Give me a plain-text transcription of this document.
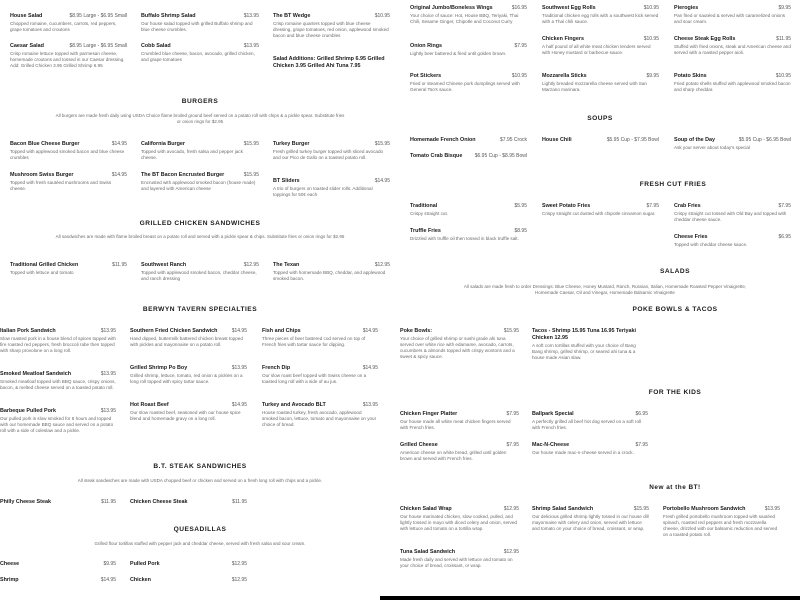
House Salad	$8.95 Large - $6.95 Small
Chopped romaine, cucumbers, carrots, red peppers, grape tomatoes and croutons
Buffalo Shrimp Salad	$13.95
Our house salad topped with grilled Buffalo shrimp and blue cheese crumbles.
The BT Wedge	$10.95
Crisp romaine quarters topped with blue cheese dressing, grape tomatoes, red onion, applewood smoked bacon and blue cheese crumbles
Caesar Salad	$8.95 Large - $6.95 Small
Crisp romaine lettuce topped with parmesan cheese, homemade croutons and tossed in our Caesar dressing. Add: Grilled Chicken 3.95 Grilled Shrimp 6.95
Cobb Salad	$13.95
Crumbled blue cheese, bacon, avocado, grilled chicken, and grape tomatoes	Salad Additions: Grilled Shrimp 6.95 Grilled Chicken 3.95 Grilled Ahi Tuna 7.95
BURGERS
All burgers are made fresh daily using USDA Choice flame broiled ground beef served on a potato roll with chips & a pickle spear. Substitute fries or onion rings for $2.95
Bacon Blue Cheese Burger	$14.95
Topped with applewood smoked bacon and blue cheese crumbles
California Burger	$15.95
Topped with avocado, fresh salsa and pepper jack cheese.
Turkey Burger	$15.95
Fresh grilled turkey burger topped with sliced avocado and our Pico de Gallo on a toasted potato roll.
Mushroom Swiss Burger	$14.95
Topped with fresh sautéed mushrooms and Swiss cheese.
The BT Bacon Encrusted Burger	$15.95
Encrusted with applewood smoked bacon (house made) and layered with American cheese
BT Sliders	$14.95
A trio of burgers on toasted slider rolls. Additional toppings for 50¢ each
GRILLED CHICKEN SANDWICHES
All sandwiches are made with flame broiled breast on a potato roll and served with a pickle spear & chips. Substitute fries or onion rings for $2.95
Traditional Grilled Chicken	$11.95
Topped with lettuce and tomato
Southwest Ranch	$12.95
Topped with applewood smoked bacon, cheddar cheese, and ranch dressing
The Texan	$12.95
Topped with homemade BBQ, cheddar, and applewood smoked bacon.
BERWYN TAVERN SPECIALTIES
Italian Pork Sandwich	$13.95
Slow roasted pork in a house blend of spices topped with fire roasted red peppers, fresh broccoli rabe then topped with sharp provolone on a long roll.
Southern Fried Chicken Sandwich	$14.95
Hand dipped, buttermilk battered chicken breast topped with pickles and mayonnaise on a potato roll.
Fish and Chips	$14.95
Three pieces of beer battered cod served on top of French fries with tartar sauce for dipping.
Smoked Meatloaf Sandwich	$13.95
Smoked meatloaf topped with BBQ sauce, crispy onions, bacon, & melted cheese served on a toasted potato roll.
Grilled Shrimp Po Boy	$13.95
Grilled shrimp, lettuce, tomato, red onion & pickles on a long roll topped with spicy tartar sauce.
French Dip	$14.95
Our slow roast beef topped with Swiss cheese on a toasted long roll with a side of au jus.
Barbeque Pulled Pork	$13.95
Our pulled pork is slow smoked for 8 hours and topped with our homemade BBQ sauce and served on a potato roll with a side of coleslaw and a pickle.
Hot Roast Beef	$14.95
Our slow roasted beef, seasoned with our house spice blend and homemade gravy on a long roll.
Turkey and Avocado BLT	$13.95
House roasted turkey, fresh avocado, applewood smoked bacon, lettuce, tomato and mayonnaise on your choice of bread.
B.T. STEAK SANDWICHES
All steak sandwiches are made with USDA chopped beef or chicken and served on a fresh long roll with chips and a pickle.
Philly Cheese Steak	$11.95	Chicken Cheese Steak	$11.95
QUESADILLAS
Grilled flour tortillas stuffed with pepper jack and cheddar cheese, served with fresh salsa and sour cream.
Cheese	$9.95	Pulled Pork	$12.95
Shrimp	$14.95	Chicken	$12.95
Original Jumbo/Boneless Wings	$16.95
Your choice of sauce: Hot, House BBQ, Teriyaki, Thai Chili, Sesame Ginger, Chipotle and Coconut Curry
Southwest Egg Rolls	$10.95
Traditional chicken egg rolls with a southwest kick served with a Thai chili sauce.
Pierogies	$9.95
Pan fried or sautéed & served with caramelized onions and sour cream.
Onion Rings	$7.95
Lightly beer battered & fried until golden brown.
Chicken Fingers	$10.95
A half pound of all white meat chicken tenders served with Honey mustard or barbecue sauce.
Cheese Steak Egg Rolls	$11.95
Stuffed with fried onions, steak and American cheese and served with a roasted pepper aioli.
Pot Stickers	$10.95
Fried or steamed Chinese pork dumplings served with General Tso's sauce.
Mozzarella Sticks	$9.95
Lightly breaded mozzarella cheese served with San Marzano marinara.
Potato Skins	$10.95
Fried potato shells stuffed with applewood smoked bacon and sharp cheddar.
SOUPS
Homemade French Onion	$7.95 Crock	House Chili	$5.95 Cup - $7.95 Bowl	Soup of the Day	$5.95 Cup - $6.95 Bowl
Ask your server about today's special
Tomato Crab Bisque	$6.95 Cup - $8.95 Bowl
FRESH CUT FRIES
Traditional	$5.95
Crispy straight cut.
Sweet Potato Fries	$7.95
Crispy straight cut dusted with chipotle cinnamon sugar.
Crab Fries	$7.95
Crispy straight cut tossed with Old Bay and topped with cheddar cheese sauce.
Truffle Fries	$8.95
Drizzled with truffle oil then tossed in black truffle salt.	Cheese Fries	$6.95
Topped with cheddar cheese sauce.
SALADS
All salads are made fresh to order Dressings: Blue Cheese, Honey Mustard, Ranch, Russian, Italian, Homemade Roasted Pepper Vinaigrette, Homemade Caesar, Oil and Vinegar, Homemade Balsamic Vinaigrette
POKE BOWLS & TACOS
Poke Bowls:	$15.95
Your choice of grilled shrimp or sushi grade ahi tuna served over white rice with edamame, avocado, carrots, cucumbers & almonds topped with crispy wontons and a sweet & spicy sauce.
Tacos - Shrimp 15.95 Tuna 16.95 Teriyaki Chicken 12.95
A soft corn tortillas stuffed with your choice of Bang Bang shrimp, grilled shrimp, or seared ahi tuna & a house made Asian slaw.
FOR THE KIDS
Chicken Finger Platter	$7.95
Our house made all white meat chicken fingers served with French fries.
Ballpark Special	$6.95
A perfectly grilled all beef hot dog served on a soft roll with French fries.
Grilled Cheese	$7.95
American cheese on white bread, grilled until golden brown and served with French fries.
Mac-N-Cheese	$7.95
Our house made mac-n-cheese served in a crock.
New at the BT!
Chicken Salad Wrap	$12.95
Our house marinated chicken, slow cooked, pulled, and lightly tossed in mayo with diced celery and onion, served with lettuce and tomato on a tortilla wrap.
Shrimp Salad Sandwich	$15.95
Our delicious grilled shrimp lightly tossed in our house dill mayonnaise with celery and onion, served with lettuce and tomato on your choice of bread, croissant, or wrap.
Portobello Mushroom Sandwich	$13.95
Fresh grilled portobello mushroom topped with sautéed spinach, roasted red peppers and fresh mozzarella cheese, drizzled with our balsamic reduction and served on a toasted potato roll.
Tuna Salad Sandwich	$12.95
Made fresh daily and served with lettuce and tomato on your choice of bread, croissant, or wrap.
